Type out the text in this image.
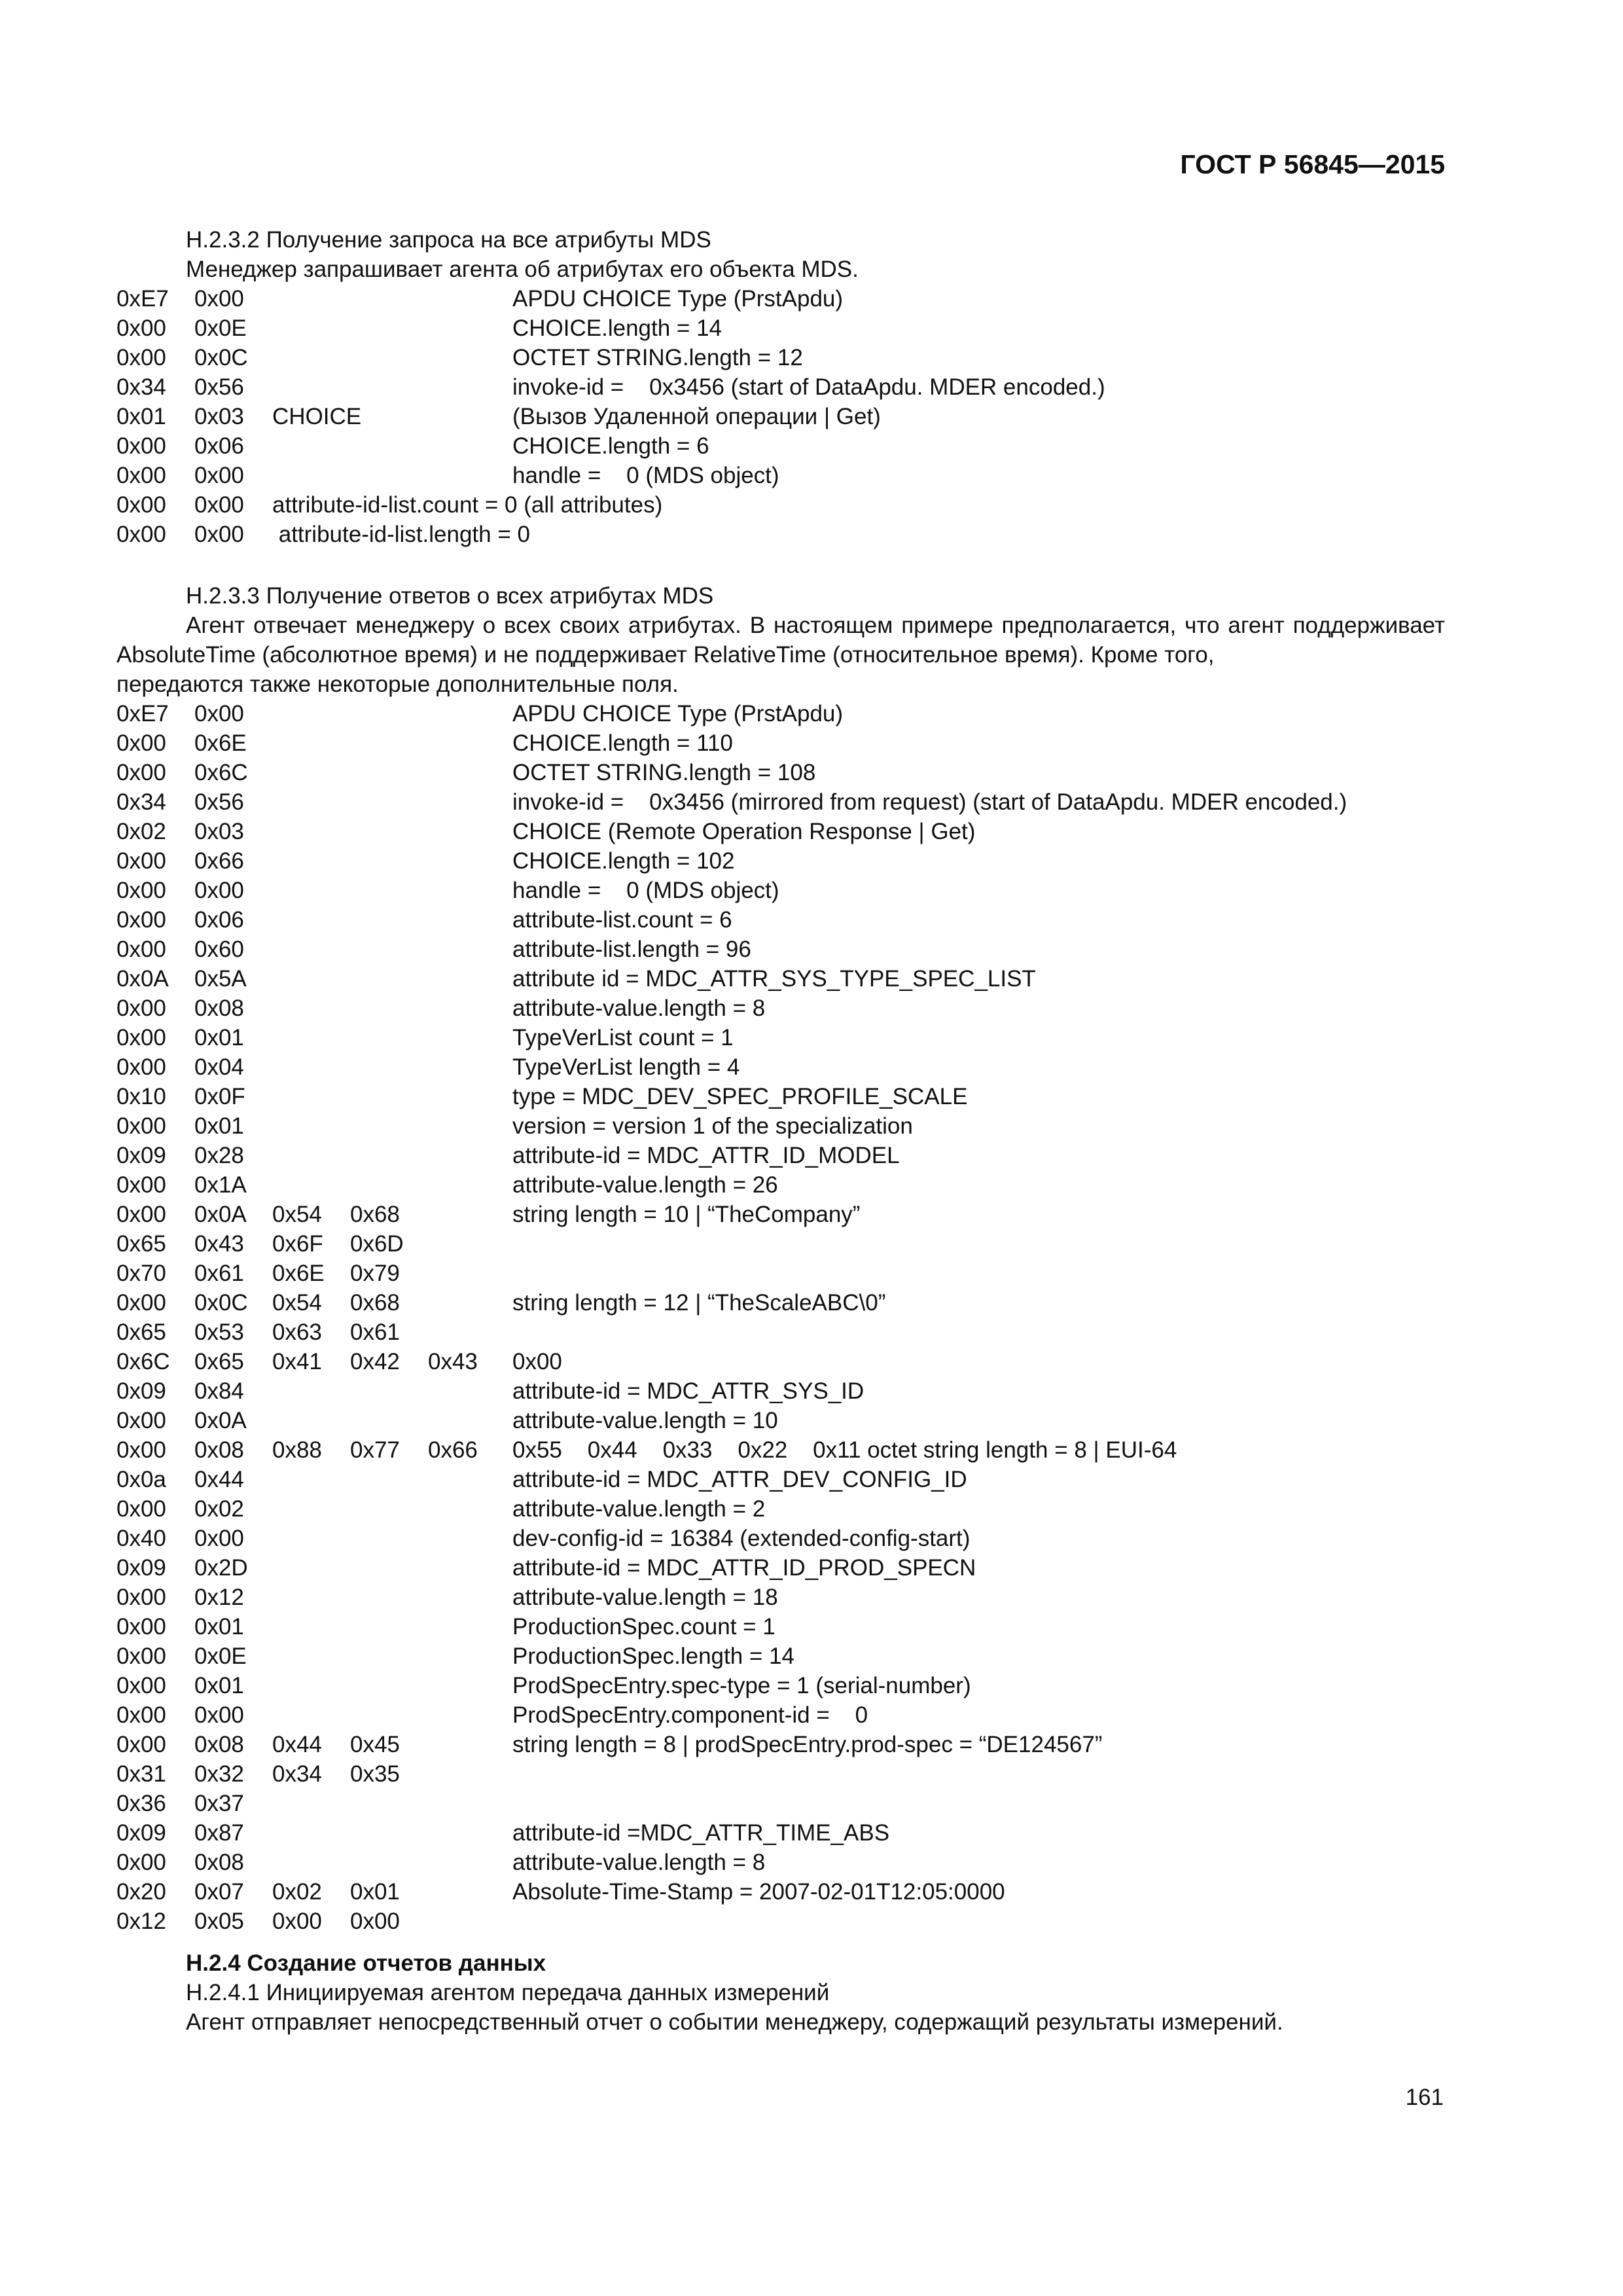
ГОСТ Р 56845—2015
H.2.3.2 Получение запроса на все атрибуты MDS
Менеджер запрашивает агента об атрибутах его объекта MDS.
0xE7 0x00	APDU CHOICE Type (PrstApdu)
0x00 0x0E	CHOICE.length = 14
0x00 0x0C	OCTET STRING.length = 12
0x34 0x56	invoke-id =    0x3456 (start of DataApdu. MDER encoded.)
0x01 0x03 CHOICE	(Вызов Удаленной операции | Get)
0x00 0x06	CHOICE.length = 6
0x00 0x00	handle =    0 (MDS object)
0x00 0x00 attribute-id-list.count = 0 (all attributes)
0x00 0x00 attribute-id-list.length = 0
H.2.3.3 Получение ответов о всех атрибутах MDS
Агент отвечает менеджеру о всех своих атрибутах. В настоящем примере предполагается, что агент поддерживает AbsoluteTime (абсолютное время) и не поддерживает RelativeTime (относительное время). Кроме того,
передаются также некоторые дополнительные поля.
0xE7 0x00	APDU CHOICE Type (PrstApdu)
0x00 0x6E	CHOICE.length = 110
0x00 0x6C	OCTET STRING.length = 108
0x34 0x56	invoke-id =    0x3456 (mirrored from request) (start of DataApdu. MDER encoded.)
0x02 0x03	CHOICE (Remote Operation Response | Get)
0x00 0x66	CHOICE.length = 102
0x00 0x00	handle =    0 (MDS object)
0x00 0x06	attribute-list.count = 6
0x00 0x60	attribute-list.length = 96
0x0A 0x5A	attribute id = MDC_ATTR_SYS_TYPE_SPEC_LIST
0x00 0x08	attribute-value.length = 8
0x00 0x01	TypeVerList count = 1
0x00 0x04	TypeVerList length = 4
0x10 0x0F	type = MDC_DEV_SPEC_PROFILE_SCALE
0x00 0x01	version = version 1 of the specialization
0x09 0x28	attribute-id = MDC_ATTR_ID_MODEL
0x00 0x1A	attribute-value.length = 26
0x00 0x0A 0x54 0x68	string length = 10 | “TheCompany”
0x65 0x43 0x6F 0x6D
0x70 0x61 0x6E 0x79
0x00 0x0C 0x54 0x68	string length = 12 | “TheScaleABC\0”
0x65 0x53 0x63 0x61
0x6C 0x65 0x41 0x42 0x43 0x00
0x09 0x84	attribute-id = MDC_ATTR_SYS_ID
0x00 0x0A	attribute-value.length = 10
0x00 0x08 0x88 0x77 0x66 0x55    0x44    0x33    0x22    0x11 octet string length = 8 | EUI-64
0x0a 0x44	attribute-id = MDC_ATTR_DEV_CONFIG_ID
0x00 0x02	attribute-value.length = 2
0x40 0x00	dev-config-id = 16384 (extended-config-start)
0x09 0x2D	attribute-id = MDC_ATTR_ID_PROD_SPECN
0x00 0x12	attribute-value.length = 18
0x00 0x01	ProductionSpec.count = 1
0x00 0x0E	ProductionSpec.length = 14
0x00 0x01	ProdSpecEntry.spec-type = 1 (serial-number)
0x00 0x00	ProdSpecEntry.component-id =    0
0x00 0x08 0x44 0x45	string length = 8 | prodSpecEntry.prod-spec = “DE124567”
0x31 0x32 0x34 0x35
0x36 0x37
0x09 0x87	attribute-id =MDC_ATTR_TIME_ABS
0x00 0x08	attribute-value.length = 8
0x20 0x07 0x02 0x01	Absolute-Time-Stamp = 2007-02-01T12:05:0000
0x12 0x05 0x00 0x00
H.2.4 Создание отчетов данных
H.2.4.1 Инициируемая агентом передача данных измерений
Агент отправляет непосредственный отчет о событии менеджеру, содержащий результаты измерений.
161
